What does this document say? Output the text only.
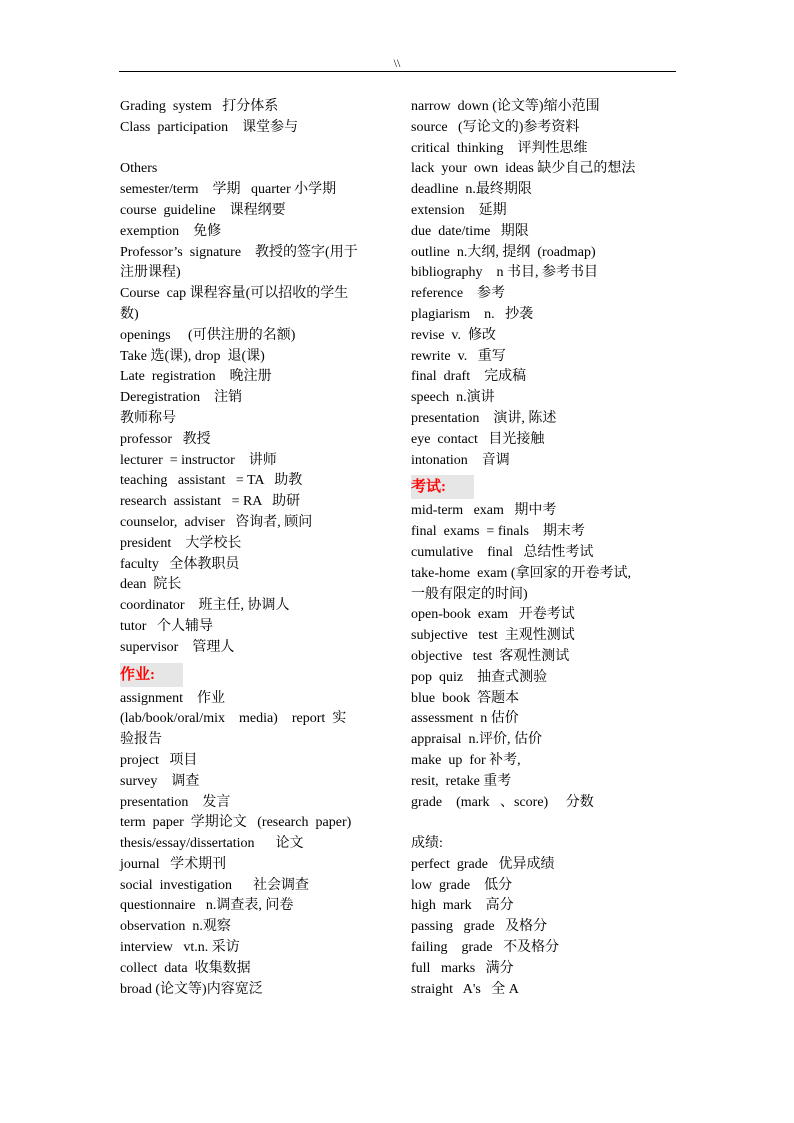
\\

Grading  system   打分体系

Class  participation    课堂参与

Others

semester/term    学期   quarter 小学期

course  guideline    课程纲要

exemption    免修

Professor’s  signature    教授的签字(用于

注册课程)

Course  cap 课程容量(可以招收的学生

数)

openings     (可供注册的名额)

Take 选(课), drop  退(课)

Late  registration    晚注册

Deregistration    注销

教师称号

professor   教授

lecturer  = instructor    讲师

teaching   assistant   = TA   助教

research  assistant   = RA   助研

counselor,  adviser   咨询者, 顾问

president    大学校长

faculty   全体教职员

dean  院长

coordinator    班主任, 协调人

tutor   个人辅导

supervisor    管理人

作业:

assignment    作业

(lab/book/oral/mix    media)    report  实

验报告

project   项目

survey    调查

presentation    发言

term  paper  学期论文   (research  paper)

thesis/essay/dissertation      论文

journal   学术期刊

social  investigation      社会调查

questionnaire   n.调查表, 问卷

observation  n.观察

interview   vt.n. 采访

collect  data  收集数据

broad (论文等)内容宽泛

narrow  down (论文等)缩小范围

source   (写论文的)参考资料

critical  thinking    评判性思维

lack  your  own  ideas 缺少自己的想法

deadline  n.最终期限

extension    延期

due  date/time   期限

outline  n.大纲, 提纲  (roadmap)

bibliography    n 书目, 参考书目

reference    参考

plagiarism    n.   抄袭

revise  v.  修改

rewrite  v.   重写

final  draft    完成稿

speech  n.演讲

presentation    演讲, 陈述

eye  contact   目光接触

intonation    音调

考试:

mid-term   exam   期中考

final  exams  = finals    期末考

cumulative    final   总结性考试

take-home  exam (拿回家的开卷考试,

一般有限定的时间)

open-book  exam   开卷考试

subjective   test  主观性测试

objective   test  客观性测试

pop  quiz    抽查式测验

blue  book  答题本

assessment  n 估价

appraisal  n.评价, 估价

make  up  for 补考,

resit,  retake 重考

grade    (mark   、score)     分数

成绩:

perfect  grade   优异成绩

low  grade    低分

high  mark    高分

passing   grade   及格分

failing    grade   不及格分

full   marks   满分

straight   A's   全 A
